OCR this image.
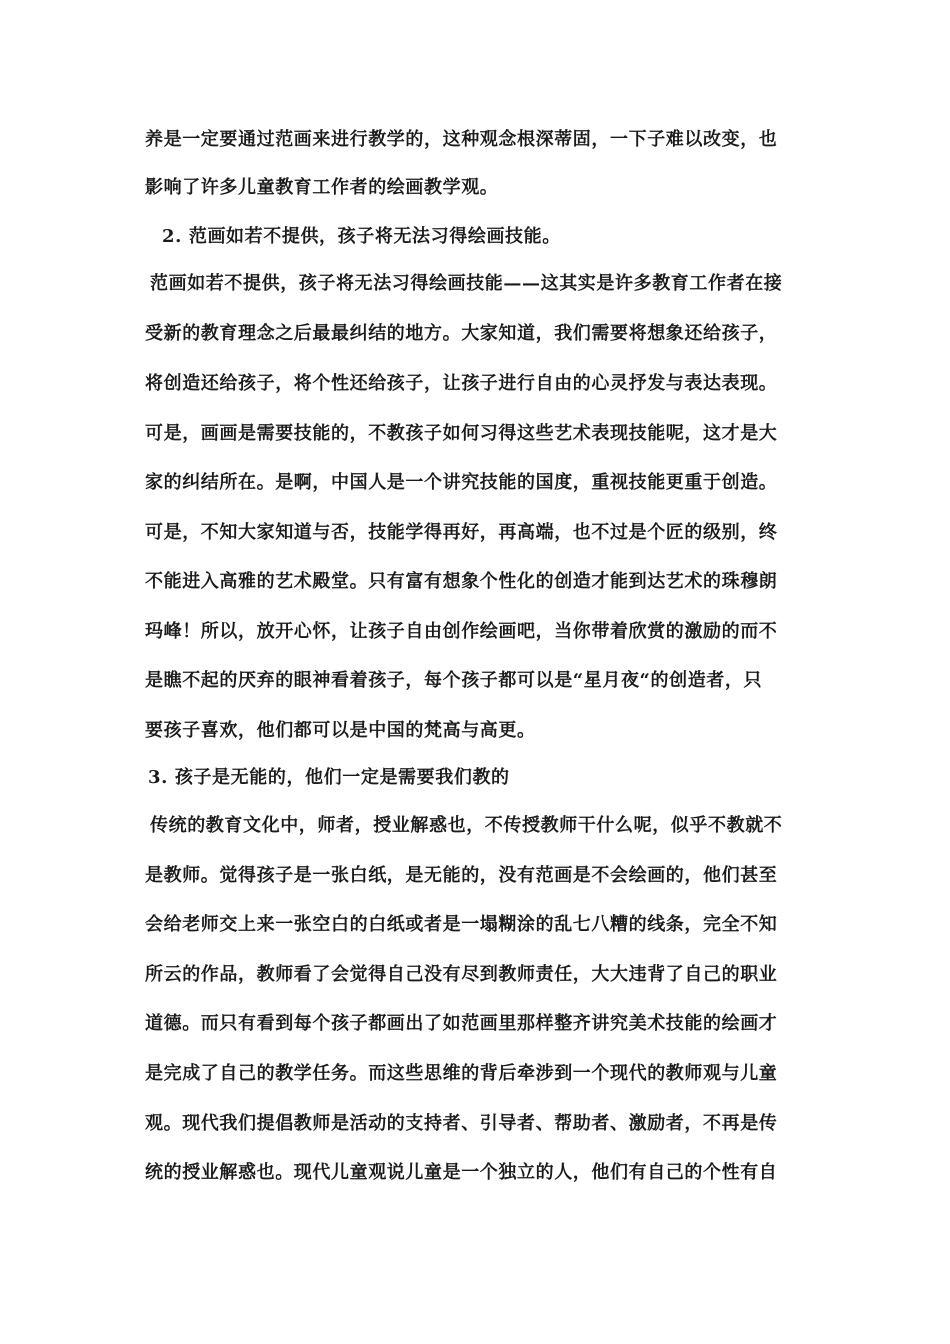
养是一定要通过范画来进行教学的，这种观念根深蒂固，一下子难以改变，也
影响了许多儿童教育工作者的绘画教学观。
2. 范画如若不提供，孩子将无法习得绘画技能。
范画如若不提供，孩子将无法习得绘画技能——这其实是许多教育工作者在接
受新的教育理念之后最最纠结的地方。大家知道，我们需要将想象还给孩子，
将创造还给孩子，将个性还给孩子，让孩子进行自由的心灵抒发与表达表现。
可是，画画是需要技能的，不教孩子如何习得这些艺术表现技能呢，这才是大
家的纠结所在。是啊，中国人是一个讲究技能的国度，重视技能更重于创造。
可是，不知大家知道与否，技能学得再好，再高端，也不过是个匠的级别，终
不能进入高雅的艺术殿堂。只有富有想象个性化的创造才能到达艺术的珠穆朗
玛峰！所以，放开心怀，让孩子自由创作绘画吧，当你带着欣赏的激励的而不
是瞧不起的厌弃的眼神看着孩子，每个孩子都可以是“星月夜“的创造者，只
要孩子喜欢，他们都可以是中国的梵高与高更。
3. 孩子是无能的，他们一定是需要我们教的
传统的教育文化中，师者，授业解惑也，不传授教师干什么呢，似乎不教就不
是教师。觉得孩子是一张白纸，是无能的，没有范画是不会绘画的，他们甚至
会给老师交上来一张空白的白纸或者是一塌糊涂的乱七八糟的线条，完全不知
所云的作品，教师看了会觉得自己没有尽到教师责任，大大违背了自己的职业
道德。而只有看到每个孩子都画出了如范画里那样整齐讲究美术技能的绘画才
是完成了自己的教学任务。而这些思维的背后牵涉到一个现代的教师观与儿童
观。现代我们提倡教师是活动的支持者、引导者、帮助者、激励者，不再是传
统的授业解惑也。现代儿童观说儿童是一个独立的人，他们有自己的个性有自
